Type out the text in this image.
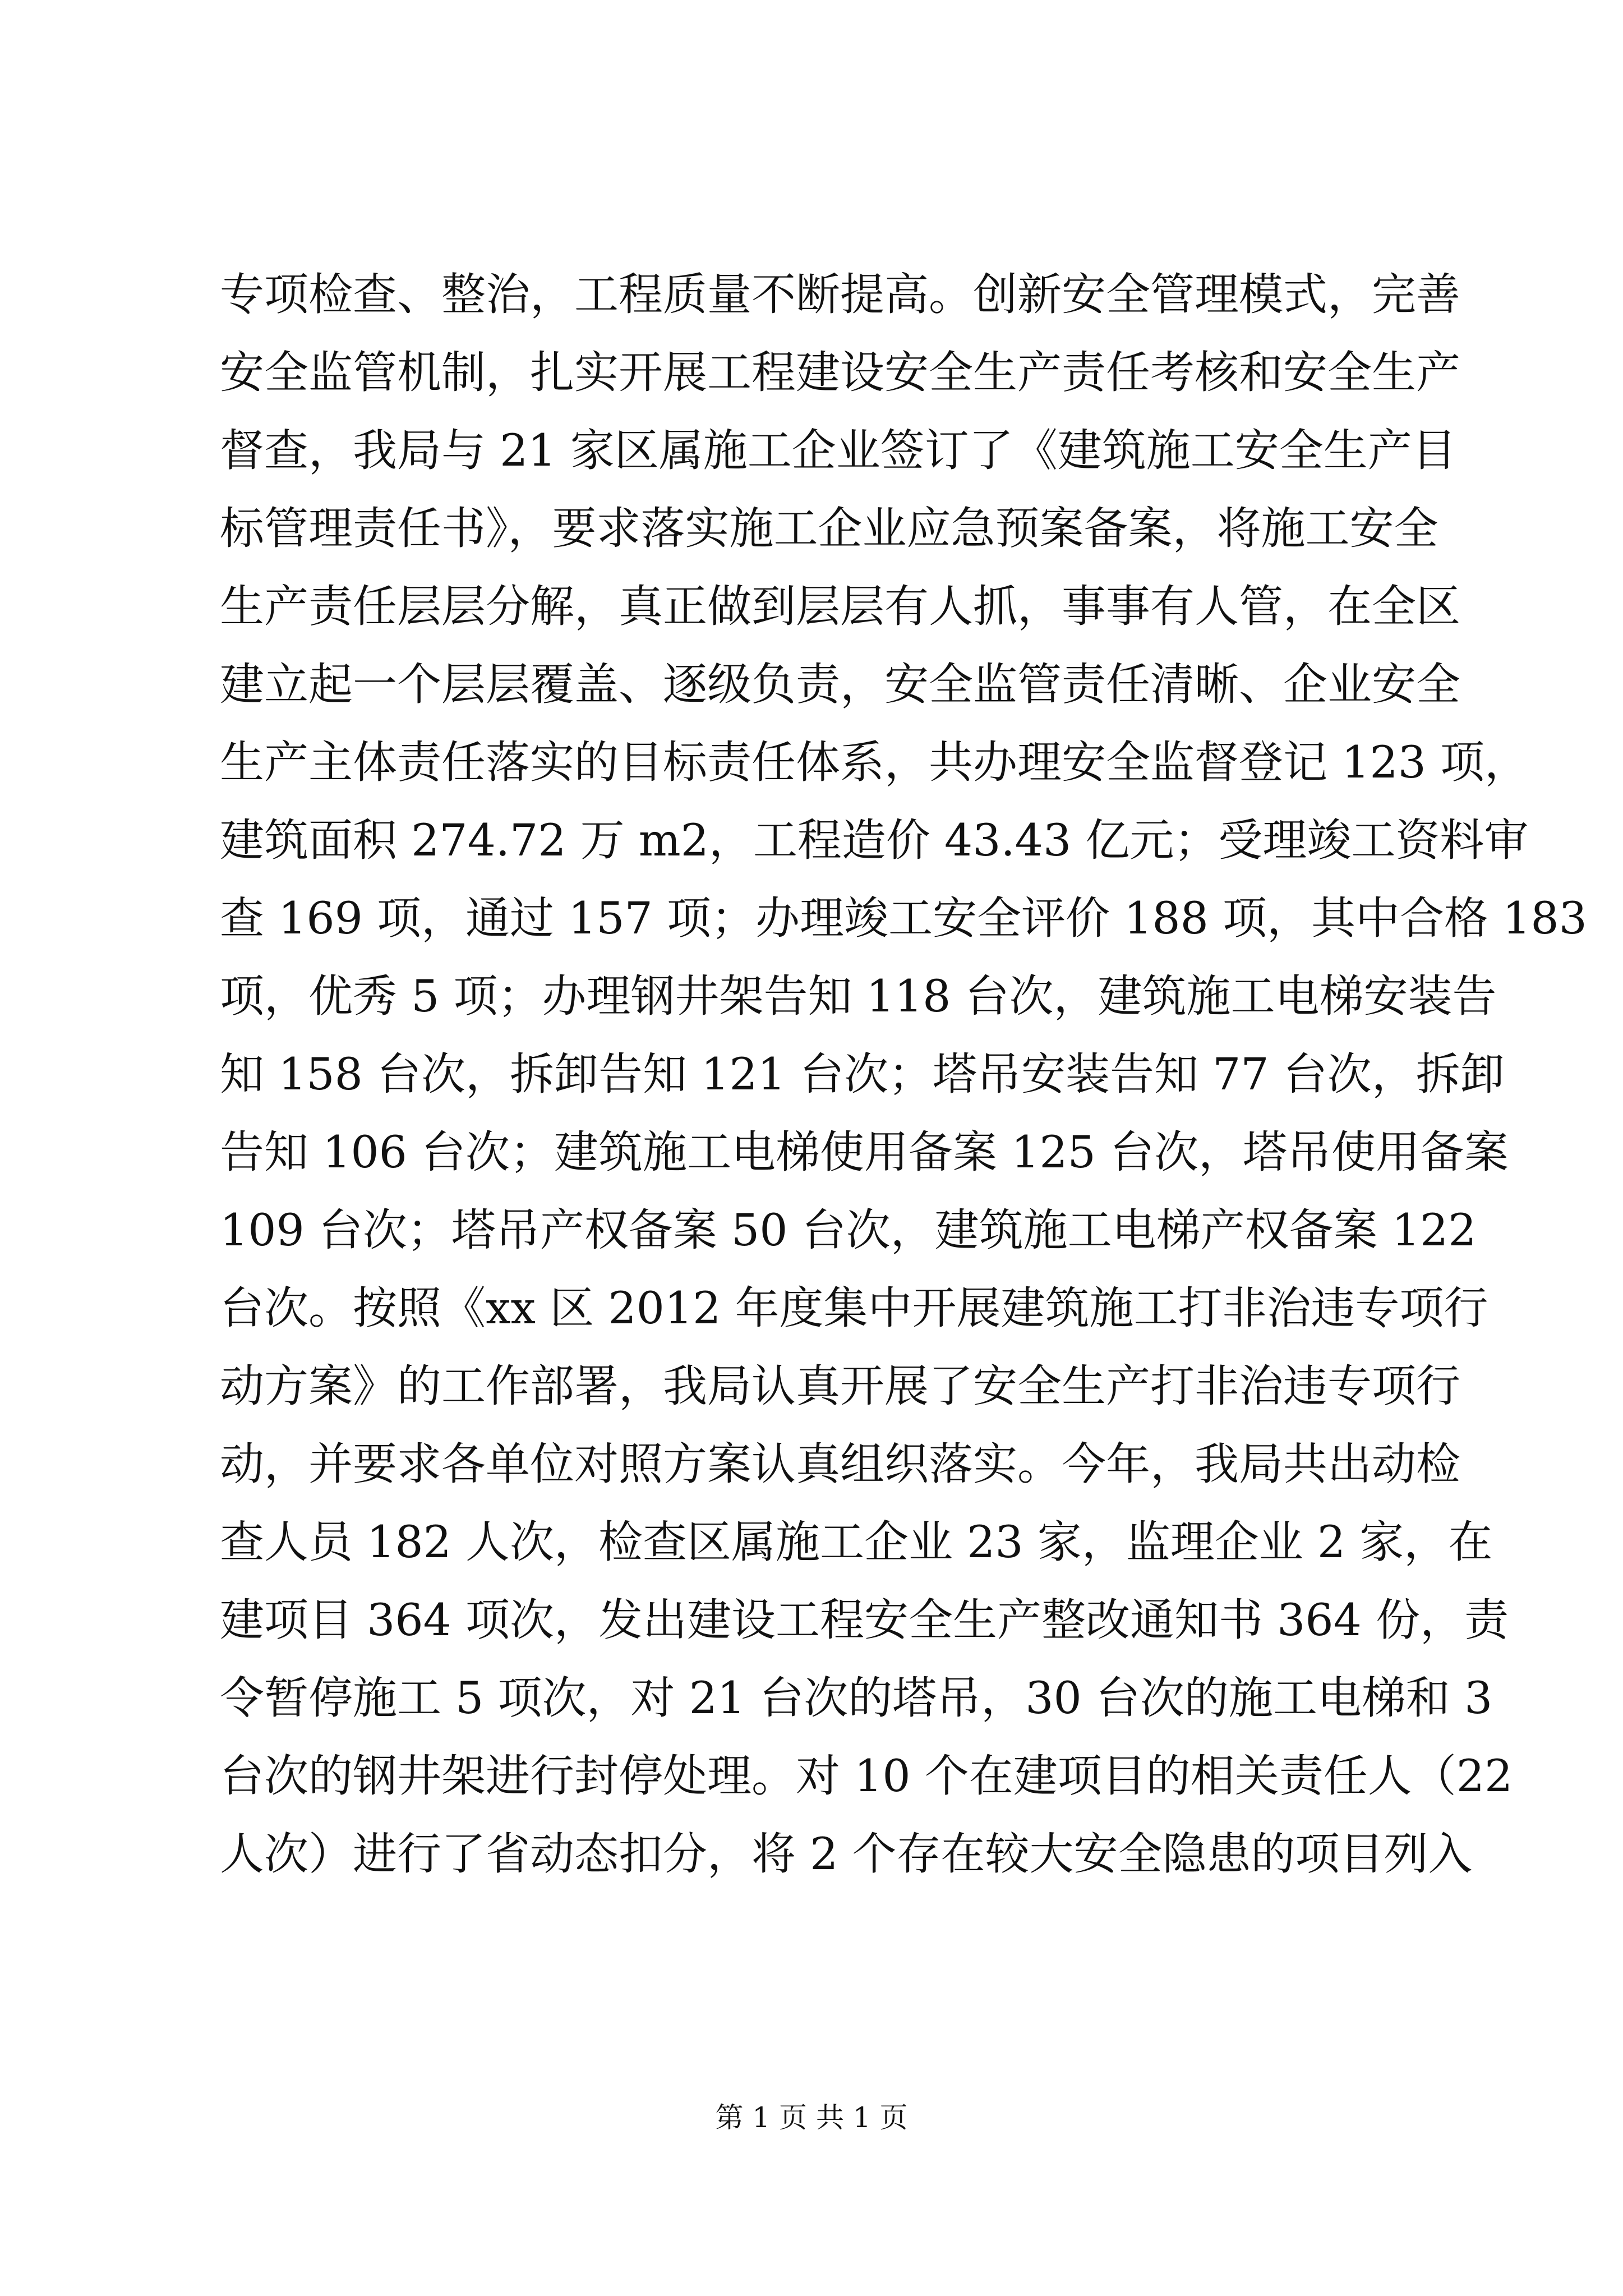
专项检查、整治，工程质量不断提高。创新安全管理模式，完善
安全监管机制，扎实开展工程建设安全生产责任考核和安全生产
督查，我局与 21 家区属施工企业签订了《建筑施工安全生产目
标管理责任书》，要求落实施工企业应急预案备案，将施工安全
生产责任层层分解，真正做到层层有人抓，事事有人管，在全区
建立起一个层层覆盖、逐级负责，安全监管责任清晰、企业安全
生产主体责任落实的目标责任体系，共办理安全监督登记 123 项，
建筑面积 274.72 万 m2，工程造价 43.43 亿元；受理竣工资料审
查 169 项，通过 157 项；办理竣工安全评价 188 项，其中合格 183
项，优秀 5 项；办理钢井架告知 118 台次，建筑施工电梯安装告
知 158 台次，拆卸告知 121 台次；塔吊安装告知 77 台次，拆卸
告知 106 台次；建筑施工电梯使用备案 125 台次，塔吊使用备案
109 台次；塔吊产权备案 50 台次，建筑施工电梯产权备案 122
台次。按照《xx 区 2012 年度集中开展建筑施工打非治违专项行
动方案》的工作部署，我局认真开展了安全生产打非治违专项行
动，并要求各单位对照方案认真组织落实。今年，我局共出动检
查人员 182 人次，检查区属施工企业 23 家，监理企业 2 家，在
建项目 364 项次，发出建设工程安全生产整改通知书 364 份，责
令暂停施工 5 项次，对 21 台次的塔吊，30 台次的施工电梯和 3
台次的钢井架进行封停处理。对 10 个在建项目的相关责任人（22
人次）进行了省动态扣分，将 2 个存在较大安全隐患的项目列入
第 1 页 共 1 页
